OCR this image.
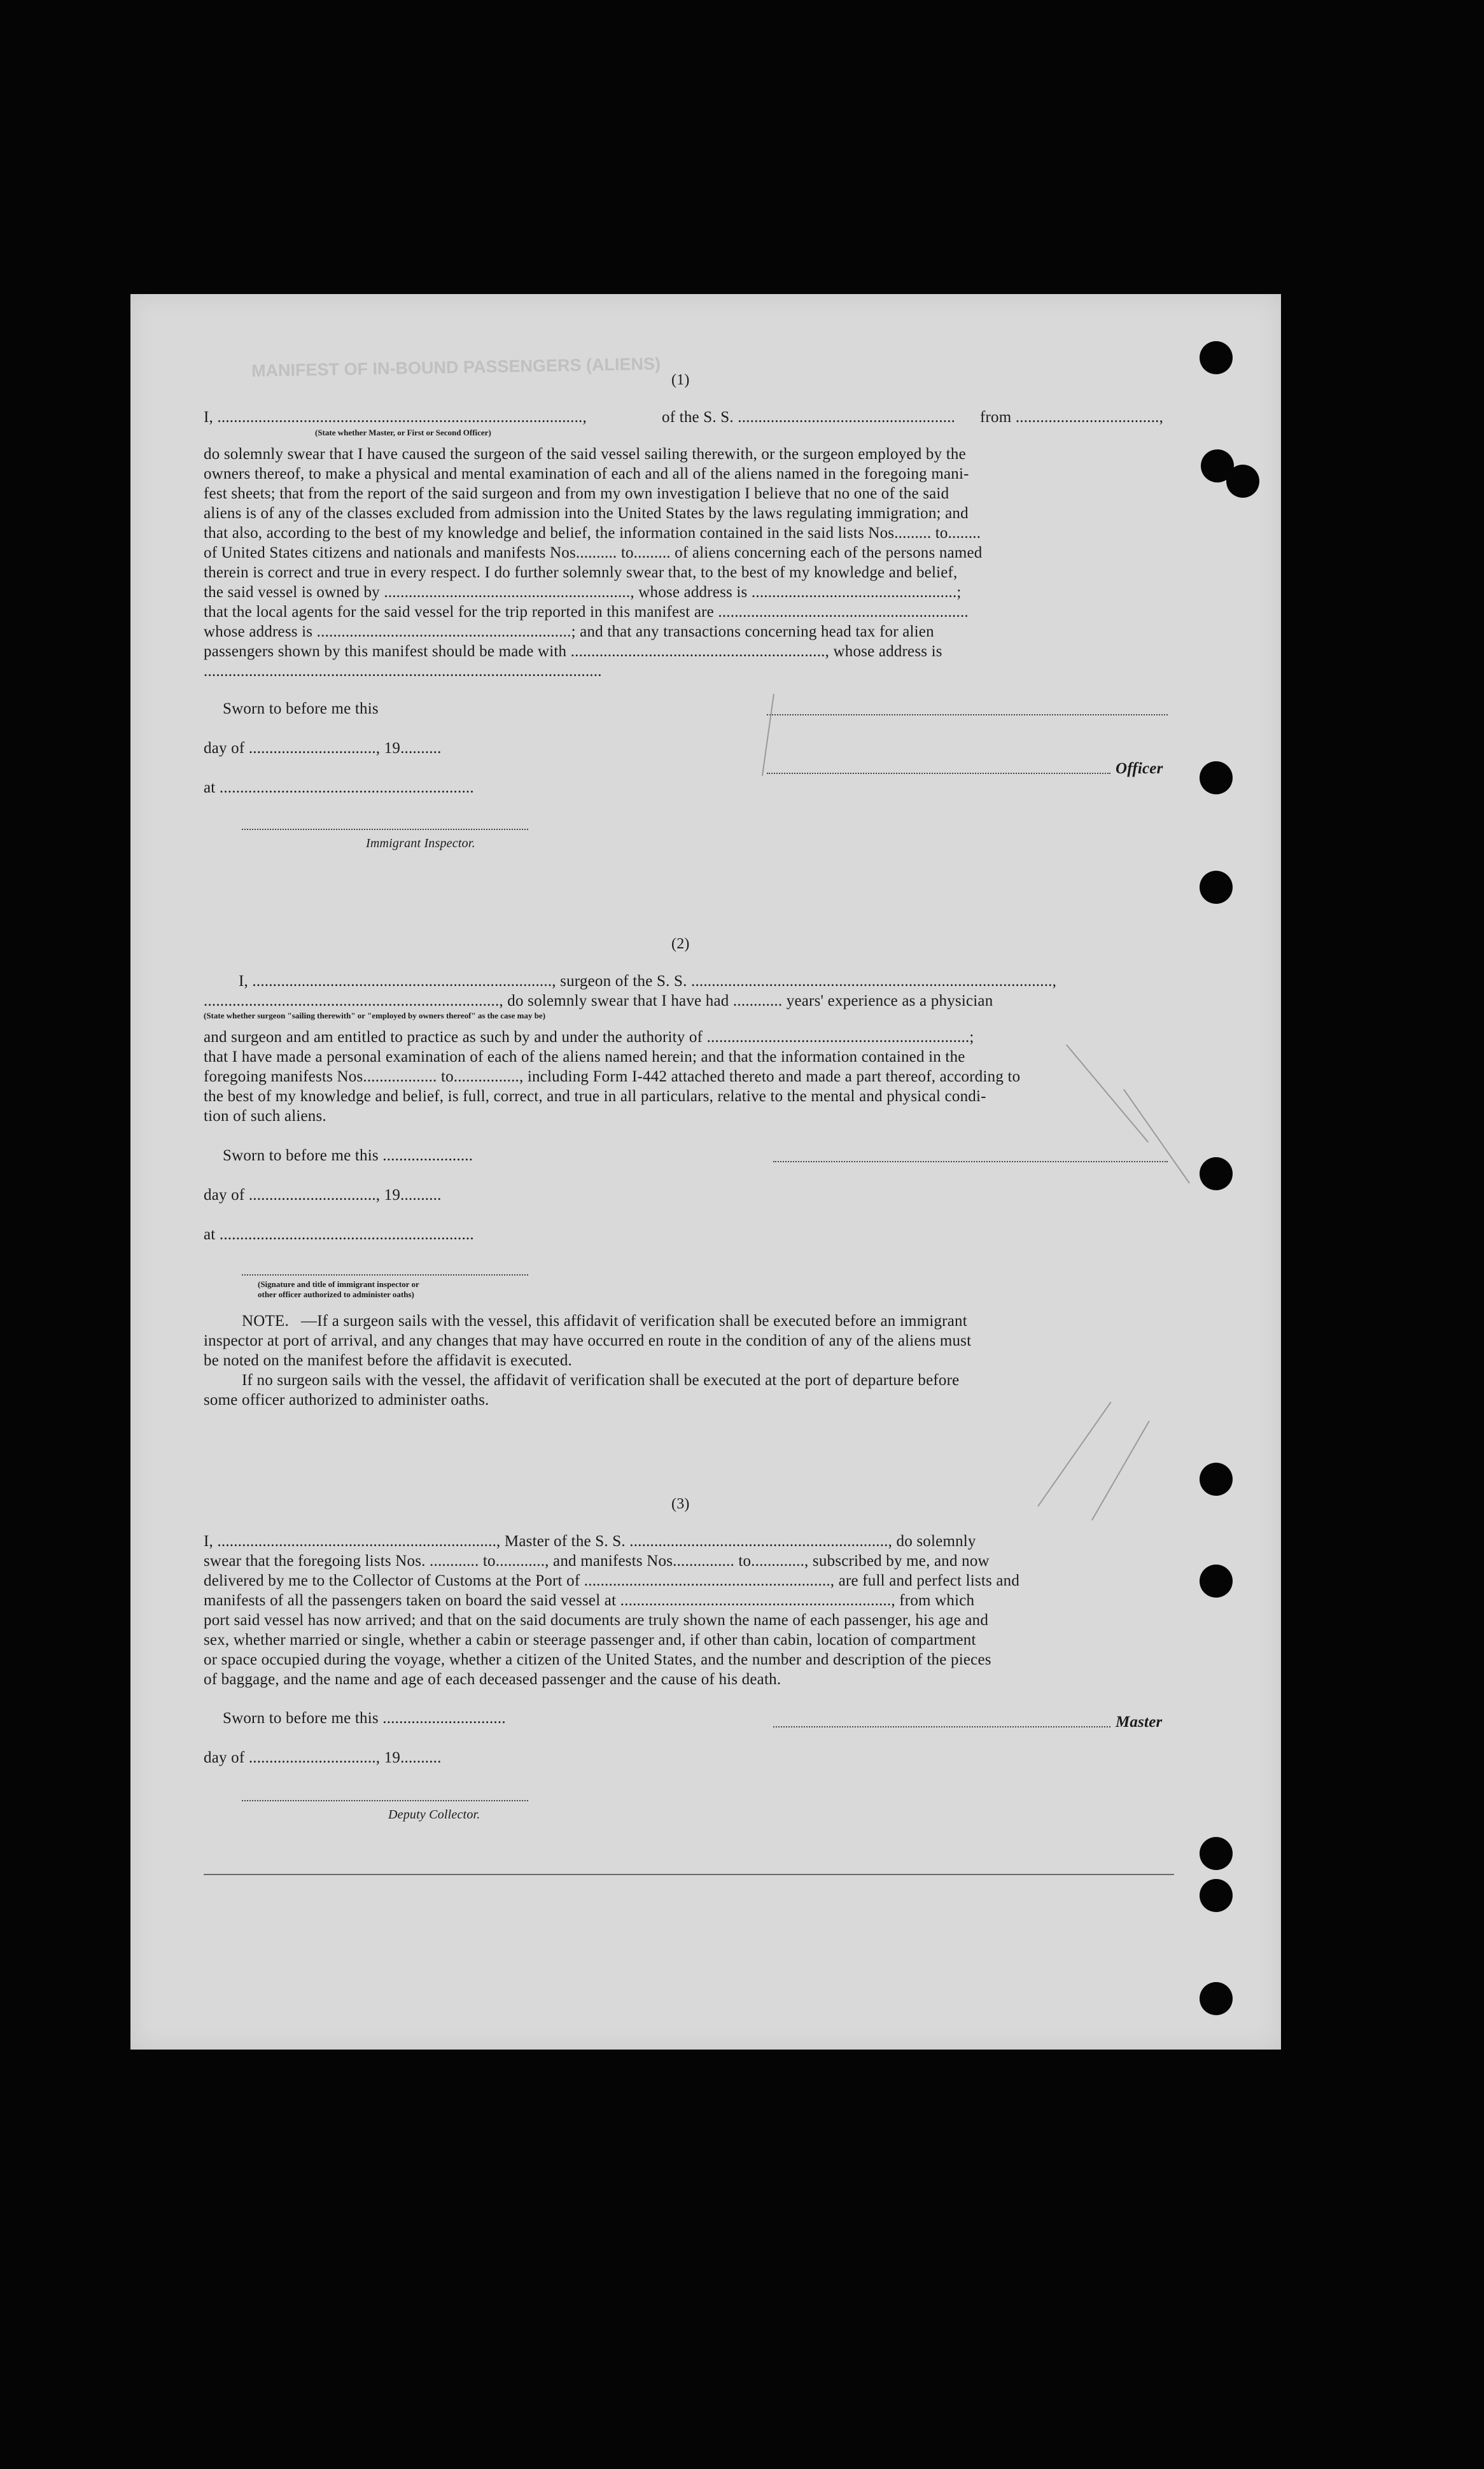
MANIFEST OF IN-BOUND PASSENGERS (ALIENS) (1)
I, .........................................................................................,	of the S. S. ..................................................... from ...................................,
(State whether Master, or First or Second Officer)
do solemnly swear that I have caused the surgeon of the said vessel sailing therewith, or the surgeon employed by the
owners thereof, to make a physical and mental examination of each and all of the aliens named in the foregoing mani-
fest sheets; that from the report of the said surgeon and from my own investigation I believe that no one of the said
aliens is of any of the classes excluded from admission into the United States by the laws regulating immigration; and
that also, according to the best of my knowledge and belief, the information contained in the said lists Nos......... to........
of United States citizens and nationals and manifests Nos.......... to......... of aliens concerning each of the persons named
therein is correct and true in every respect. I do further solemnly swear that, to the best of my knowledge and belief,
the said vessel is owned by ............................................................, whose address is ..................................................;
that the local agents for the said vessel for the trip reported in this manifest are .............................................................
whose address is ..............................................................; and that any transactions concerning head tax for alien
passengers shown by this manifest should be made with .............................................................., whose address is
.................................................................................................
Sworn to before me this
day of ..............................., 19..........
at ..............................................................
Immigrant Inspector.
Officer
(2)
I, ........................................................................., surgeon of the S. S. ........................................................................................,
........................................................................, do solemnly swear that I have had ............ years' experience as a physician
(State whether surgeon "sailing therewith" or "employed by owners thereof" as the case may be)
and surgeon and am entitled to practice as such by and under the authority of ................................................................;
that I have made a personal examination of each of the aliens named herein; and that the information contained in the
foregoing manifests Nos.................. to................, including Form I-442 attached thereto and made a part thereof, according to
the best of my knowledge and belief, is full, correct, and true in all particulars, relative to the mental and physical condi-
tion of such aliens.
Sworn to before me this ......................
day of ..............................., 19..........
at ..............................................................
(Signature and title of immigrant inspector or
other officer authorized to administer oaths)
NOTE. —If a surgeon sails with the vessel, this affidavit of verification shall be executed before an immigrant
inspector at port of arrival, and any changes that may have occurred en route in the condition of any of the aliens must
be noted on the manifest before the affidavit is executed.
If no surgeon sails with the vessel, the affidavit of verification shall be executed at the port of departure before
some officer authorized to administer oaths.
(3)
I, ...................................................................., Master of the S. S. ..............................................................., do solemnly
swear that the foregoing lists Nos. ............ to............, and manifests Nos............... to............., subscribed by me, and now
delivered by me to the Collector of Customs at the Port of ............................................................, are full and perfect lists and
manifests of all the passengers taken on board the said vessel at .................................................................., from which
port said vessel has now arrived; and that on the said documents are truly shown the name of each passenger, his age and
sex, whether married or single, whether a cabin or steerage passenger and, if other than cabin, location of compartment
or space occupied during the voyage, whether a citizen of the United States, and the number and description of the pieces
of baggage, and the name and age of each deceased passenger and the cause of his death.
Sworn to before me this ..............................
day of ..............................., 19..........
Deputy Collector.
Master
